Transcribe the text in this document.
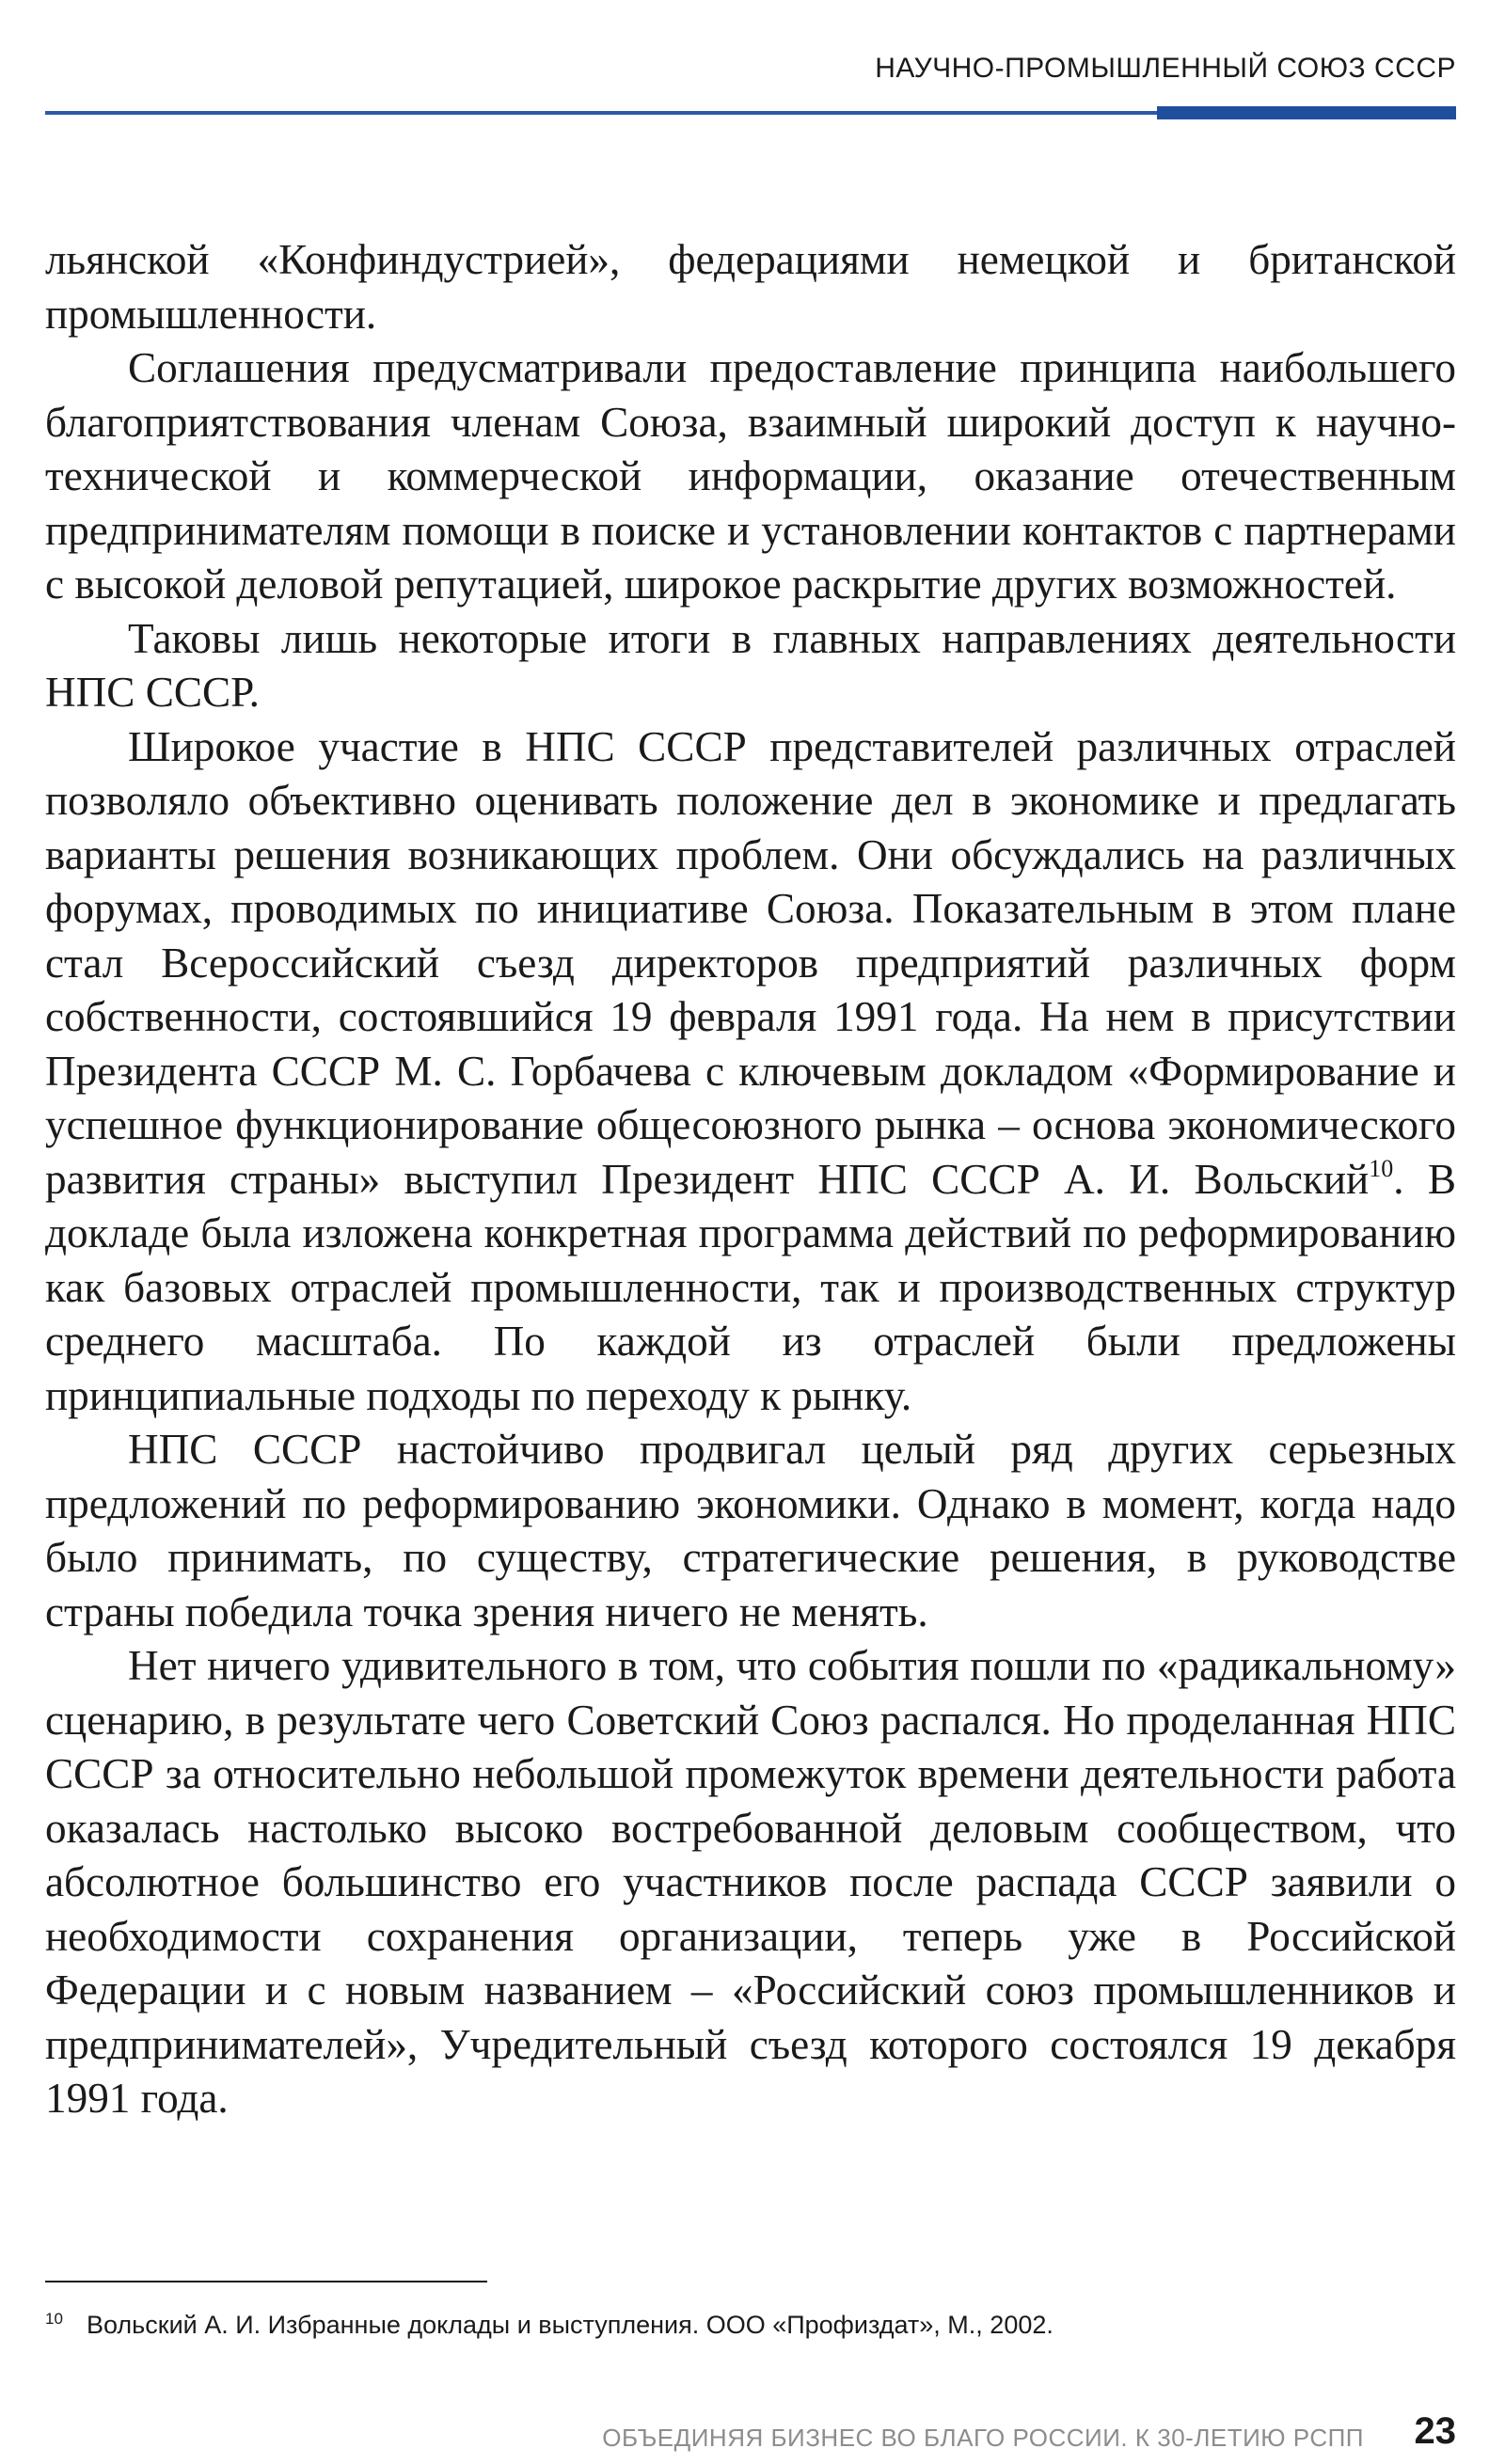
НАУЧНО-ПРОМЫШЛЕННЫЙ СОЮЗ СССР

льянской «Конфиндустрией», федерациями немецкой и британской промышленности.

Соглашения предусматривали предоставление принципа наибольшего благоприятствования членам Союза, взаимный широкий доступ к научно-технической и коммерческой информации, оказание отечественным предпринимателям помощи в поиске и установлении контактов с партнерами с высокой деловой репутацией, широкое раскрытие других возможностей.

Таковы лишь некоторые итоги в главных направлениях деятельности НПС СССР.

Широкое участие в НПС СССР представителей различных отраслей позволяло объективно оценивать положение дел в экономике и предлагать варианты решения возникающих проблем. Они обсуждались на различных форумах, проводимых по инициативе Союза. Показательным в этом плане стал Всероссийский съезд директоров предприятий различных форм собственности, состоявшийся 19 февраля 1991 года. На нем в присутствии Президента СССР М. С. Горбачева с ключевым докладом «Формирование и успешное функционирование общесоюзного рынка – основа экономического развития страны» выступил Президент НПС СССР А. И. Вольский$^{10}$. В докладе была изложена конкретная программа действий по реформированию как базовых отраслей промышленности, так и производственных структур среднего масштаба. По каждой из отраслей были предложены принципиальные подходы по переходу к рынку.

НПС СССР настойчиво продвигал целый ряд других серьезных предложений по реформированию экономики. Однако в момент, когда надо было принимать, по существу, стратегические решения, в руководстве страны победила точка зрения ничего не менять.

Нет ничего удивительного в том, что события пошли по «радикальному» сценарию, в результате чего Советский Союз распался. Но проделанная НПС СССР за относительно небольшой промежуток времени деятельности работа оказалась настолько высоко востребованной деловым сообществом, что абсолютное большинство его участников после распада СССР заявили о необходимости сохранения организации, теперь уже в Российской Федерации и с новым названием – «Российский союз промышленников и предпринимателей», Учредительный съезд которого состоялся 19 декабря 1991 года.

10 Вольский А. И. Избранные доклады и выступления. ООО «Профиздат», М., 2002.
ОБЪЕДИНЯЯ БИЗНЕС ВО БЛАГО РОССИИ. К 30-ЛЕТИЮ РСПП 23
